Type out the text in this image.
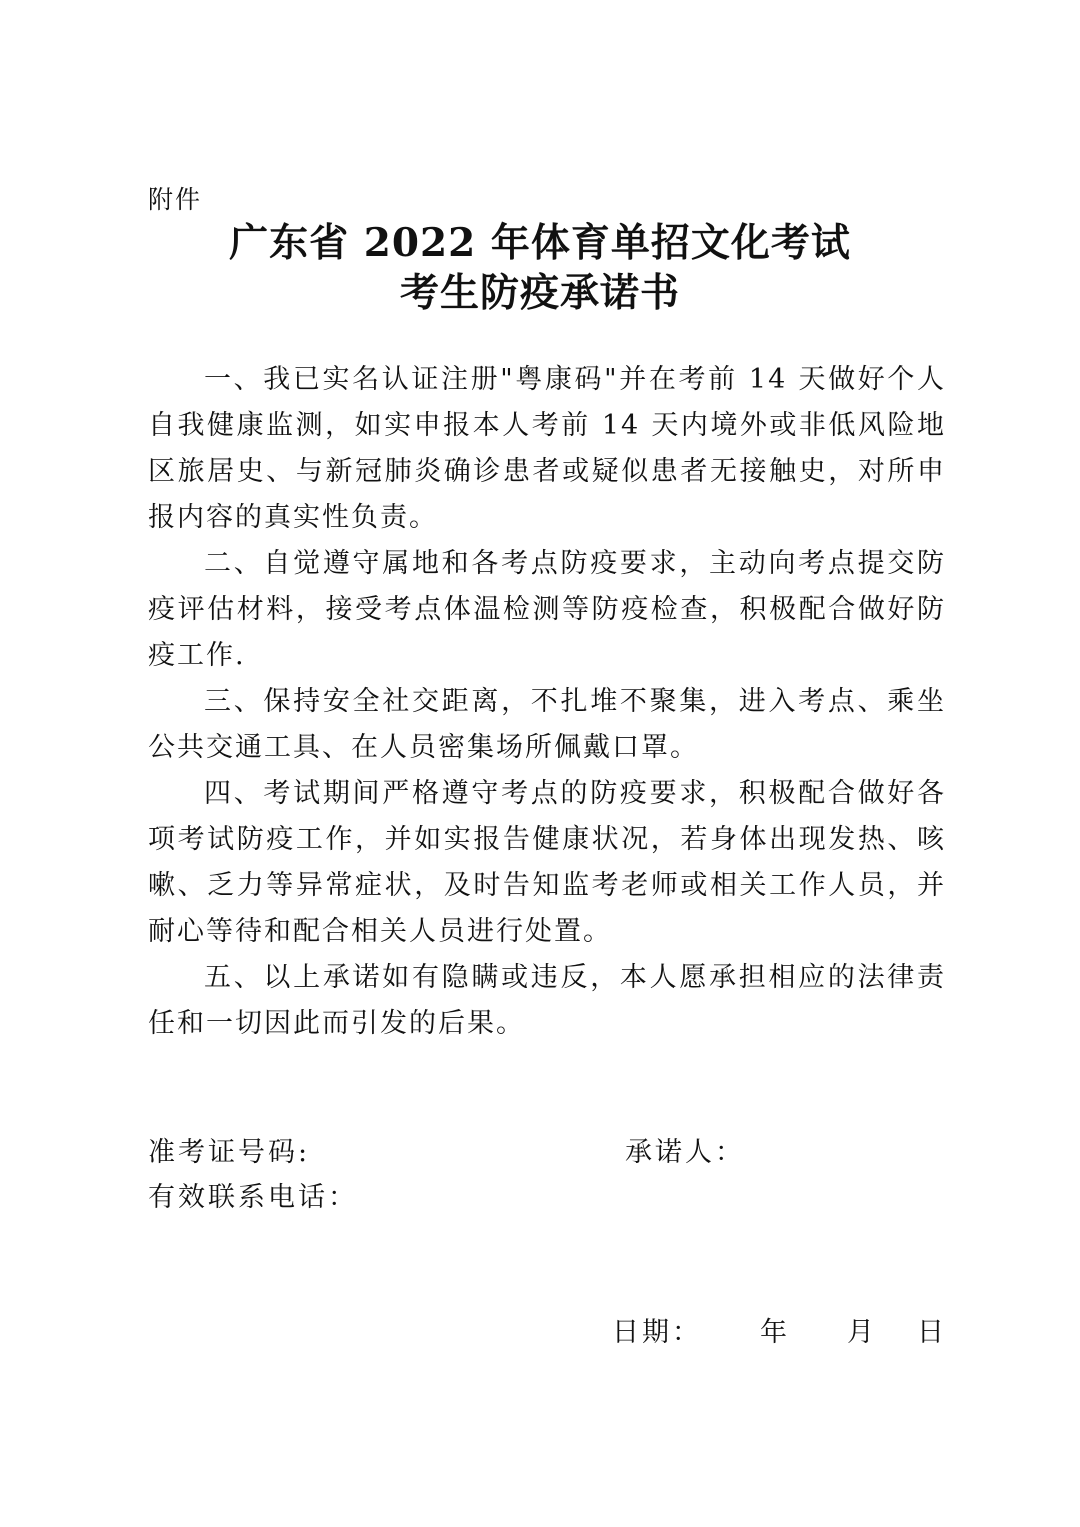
附件
广东省 2022 年体育单招文化考试
考生防疫承诺书

一、我已实名认证注册"粤康码"并在考前 14 天做好个人自我健康监测，如实申报本人考前 14 天内境外或非低风险地区旅居史、与新冠肺炎确诊患者或疑似患者无接触史，对所申报内容的真实性负责。

二、自觉遵守属地和各考点防疫要求，主动向考点提交防疫评估材料，接受考点体温检测等防疫检查，积极配合做好防疫工作.

三、保持安全社交距离，不扎堆不聚集，进入考点、乘坐公共交通工具、在人员密集场所佩戴口罩。

四、考试期间严格遵守考点的防疫要求，积极配合做好各项考试防疫工作，并如实报告健康状况，若身体出现发热、咳嗽、乏力等异常症状，及时告知监考老师或相关工作人员，并耐心等待和配合相关人员进行处置。

五、以上承诺如有隐瞒或违反，本人愿承担相应的法律责任和一切因此而引发的后果。

准考证号码:	承诺人：
有效联系电话：
日期： 年 月 日
